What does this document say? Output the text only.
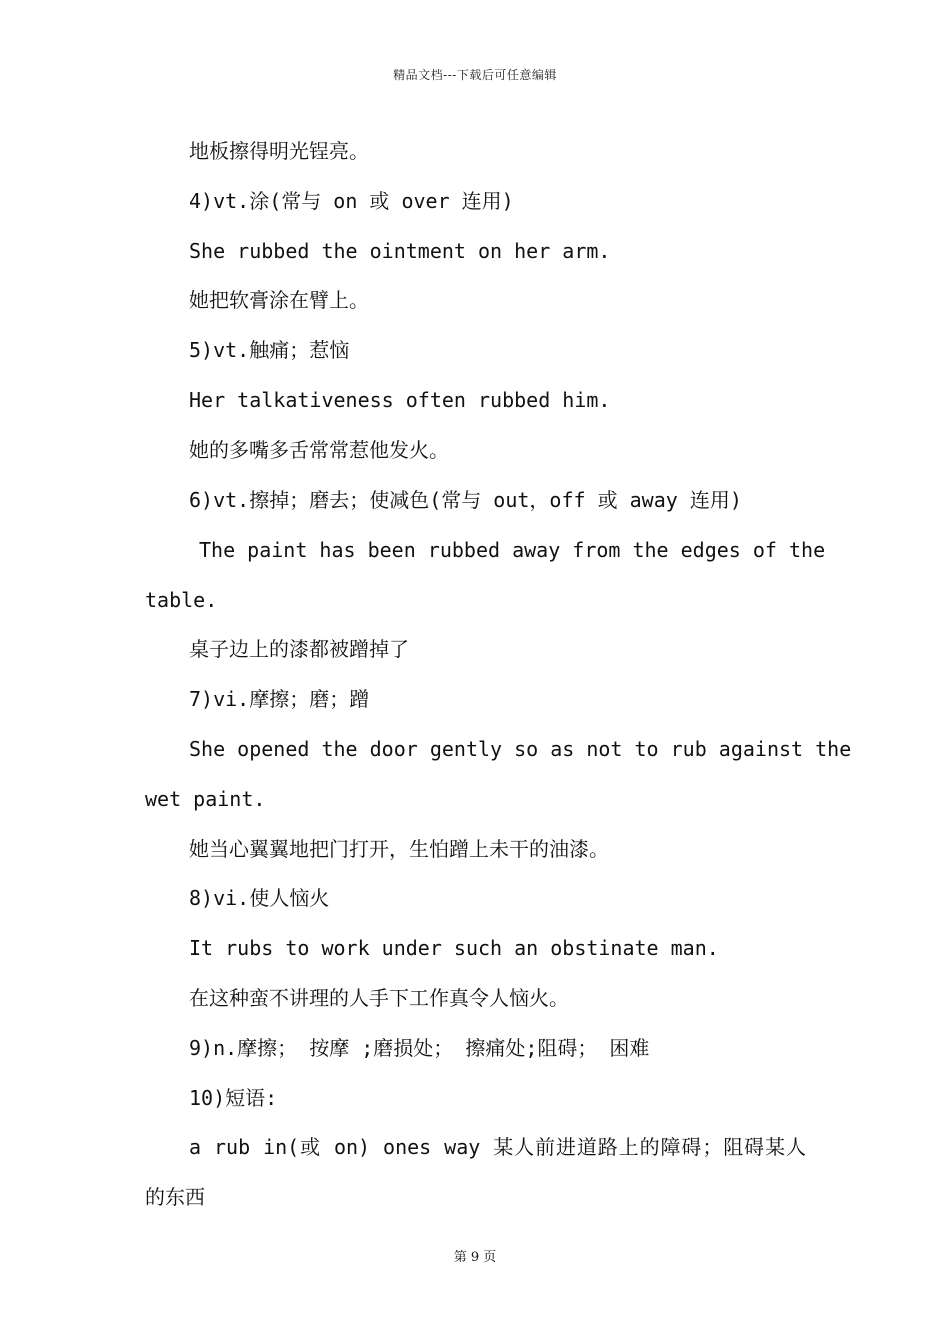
精品文档---下载后可任意编辑
地板擦得明光锃亮。
4)vt.涂(常与 on 或 over 连用)
She rubbed the ointment on her arm.
她把软膏涂在臂上。
5)vt.触痛；惹恼
Her talkativeness often rubbed him.
她的多嘴多舌常常惹他发火。
6)vt.擦掉；磨去；使减色(常与 out，off 或 away 连用)
The paint has been rubbed away from the edges of the
table.
桌子边上的漆都被蹭掉了
7)vi.摩擦；磨；蹭
She opened the door gently so as not to rub against the
wet paint.
她当心翼翼地把门打开，生怕蹭上未干的油漆。
8)vi.使人恼火
It rubs to work under such an obstinate man.
在这种蛮不讲理的人手下工作真令人恼火。
9)n.摩擦； 按摩 ;磨损处； 擦痛处;阻碍； 困难
10)短语:
a rub in(或 on) ones way 某人前进道路上的障碍；阻碍某人
的东西
第 9 页
